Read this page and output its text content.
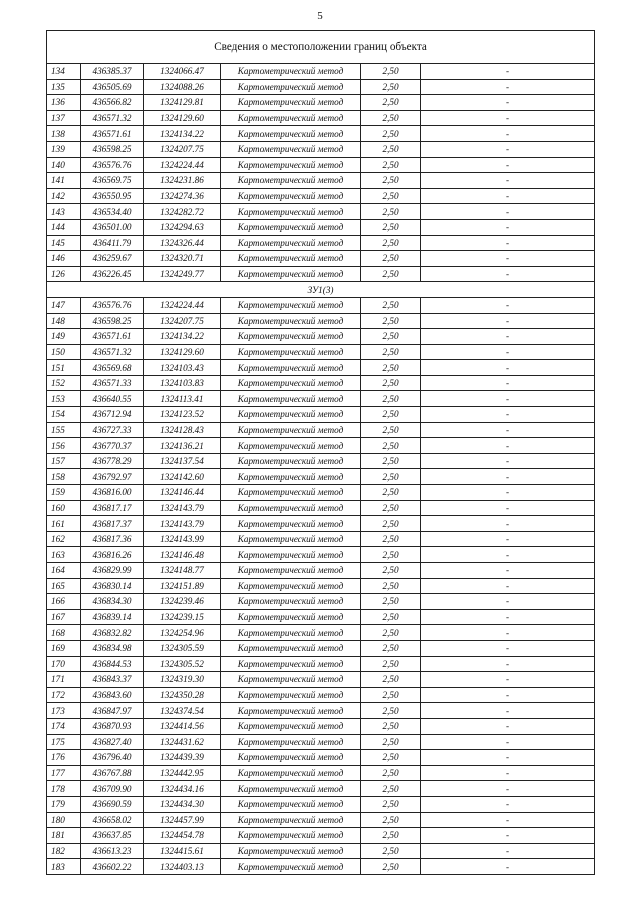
5
Сведения о местоположении границ объекта					
134	436385.37	1324066.47	Картометрический метод	2,50	-
135	436505.69	1324088.26	Картометрический метод	2,50	-
136	436566.82	1324129.81	Картометрический метод	2,50	-
137	436571.32	1324129.60	Картометрический метод	2,50	-
138	436571.61	1324134.22	Картометрический метод	2,50	-
139	436598.25	1324207.75	Картометрический метод	2,50	-
140	436576.76	1324224.44	Картометрический метод	2,50	-
141	436569.75	1324231.86	Картометрический метод	2,50	-
142	436550.95	1324274.36	Картометрический метод	2,50	-
143	436534.40	1324282.72	Картометрический метод	2,50	-
144	436501.00	1324294.63	Картометрический метод	2,50	-
145	436411.79	1324326.44	Картометрический метод	2,50	-
146	436259.67	1324320.71	Картометрический метод	2,50	-
126	436226.45	1324249.77	Картометрический метод	2,50	-
ЗУ1(3)					
147	436576.76	1324224.44	Картометрический метод	2,50	-
148	436598.25	1324207.75	Картометрический метод	2,50	-
149	436571.61	1324134.22	Картометрический метод	2,50	-
150	436571.32	1324129.60	Картометрический метод	2,50	-
151	436569.68	1324103.43	Картометрический метод	2,50	-
152	436571.33	1324103.83	Картометрический метод	2,50	-
153	436640.55	1324113.41	Картометрический метод	2,50	-
154	436712.94	1324123.52	Картометрический метод	2,50	-
155	436727.33	1324128.43	Картометрический метод	2,50	-
156	436770.37	1324136.21	Картометрический метод	2,50	-
157	436778.29	1324137.54	Картометрический метод	2,50	-
158	436792.97	1324142.60	Картометрический метод	2,50	-
159	436816.00	1324146.44	Картометрический метод	2,50	-
160	436817.17	1324143.79	Картометрический метод	2,50	-
161	436817.37	1324143.79	Картометрический метод	2,50	-
162	436817.36	1324143.99	Картометрический метод	2,50	-
163	436816.26	1324146.48	Картометрический метод	2,50	-
164	436829.99	1324148.77	Картометрический метод	2,50	-
165	436830.14	1324151.89	Картометрический метод	2,50	-
166	436834.30	1324239.46	Картометрический метод	2,50	-
167	436839.14	1324239.15	Картометрический метод	2,50	-
168	436832.82	1324254.96	Картометрический метод	2,50	-
169	436834.98	1324305.59	Картометрический метод	2,50	-
170	436844.53	1324305.52	Картометрический метод	2,50	-
171	436843.37	1324319.30	Картометрический метод	2,50	-
172	436843.60	1324350.28	Картометрический метод	2,50	-
173	436847.97	1324374.54	Картометрический метод	2,50	-
174	436870.93	1324414.56	Картометрический метод	2,50	-
175	436827.40	1324431.62	Картометрический метод	2,50	-
176	436796.40	1324439.39	Картометрический метод	2,50	-
177	436767.88	1324442.95	Картометрический метод	2,50	-
178	436709.90	1324434.16	Картометрический метод	2,50	-
179	436690.59	1324434.30	Картометрический метод	2,50	-
180	436658.02	1324457.99	Картометрический метод	2,50	-
181	436637.85	1324454.78	Картометрический метод	2,50	-
182	436613.23	1324415.61	Картометрический метод	2,50	-
183	436602.22	1324403.13	Картометрический метод	2,50	-
